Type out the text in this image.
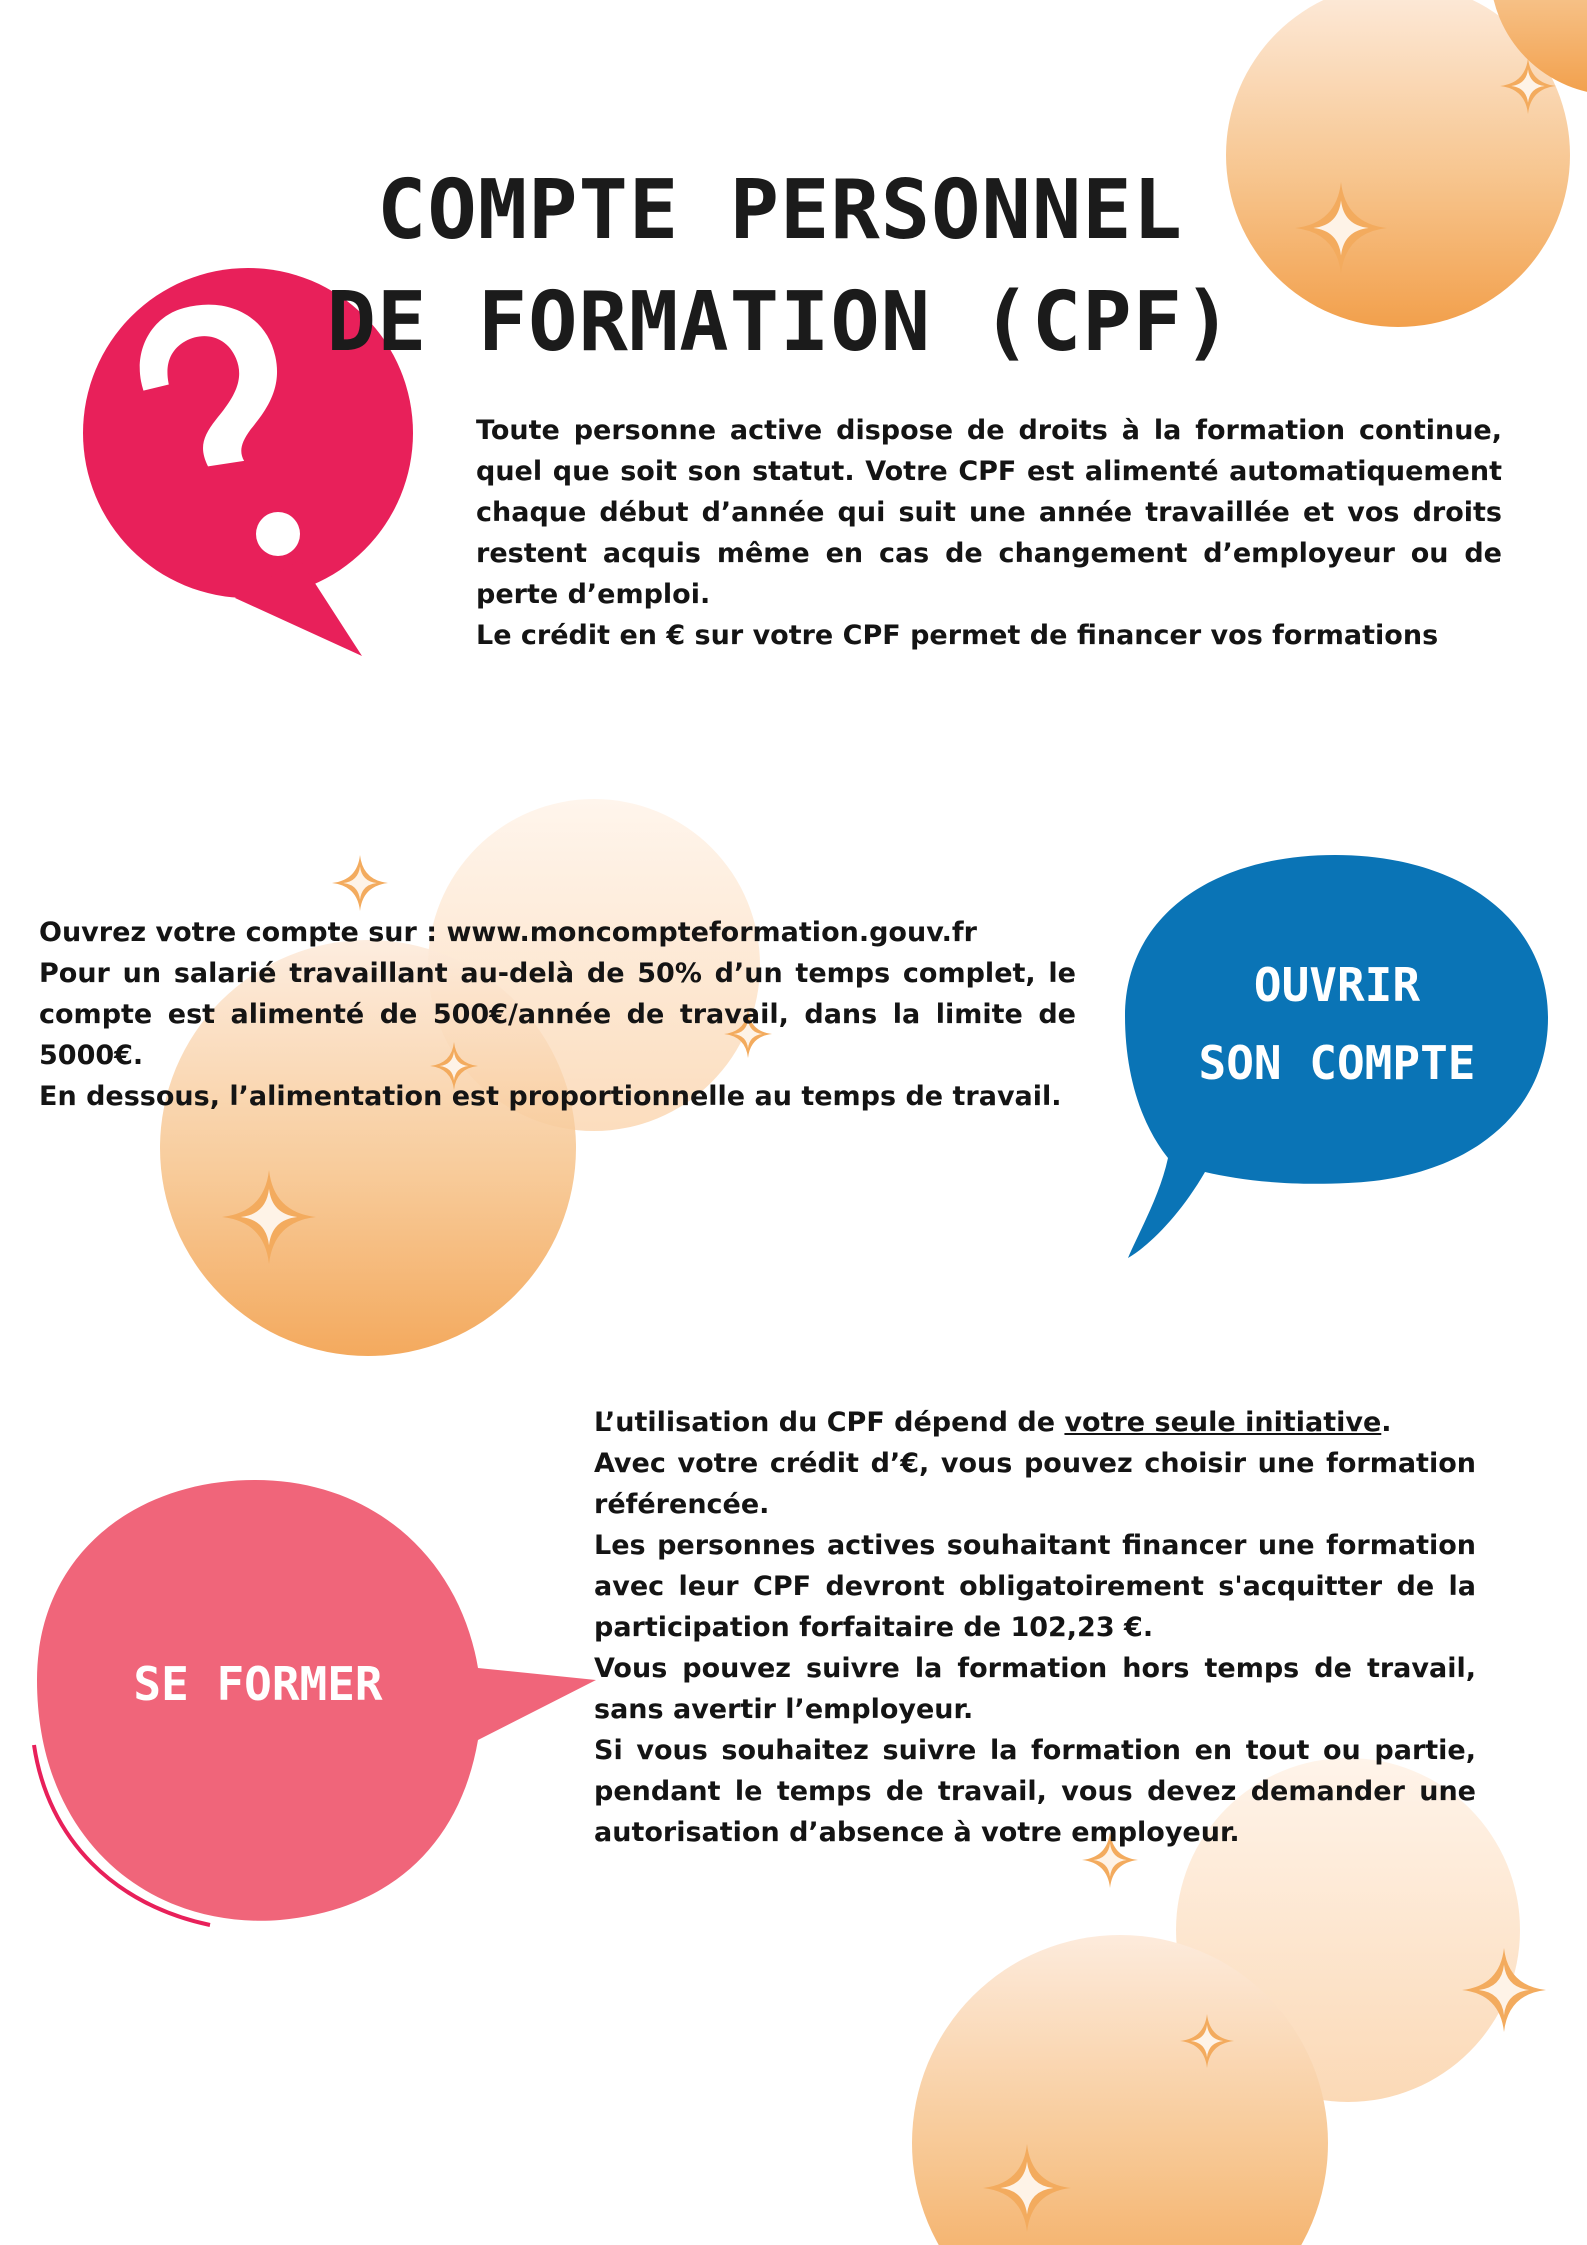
COMPTE PERSONNEL
DE FORMATION (CPF)

Toute personne active dispose de droits à la formation continue, quel que soit son statut. Votre CPF est alimenté automatiquement chaque début d’année qui suit une année travaillée et vos droits restent acquis même en cas de changement d’employeur ou de perte d’emploi.

Le crédit en € sur votre CPF permet de financer vos formations

Ouvrez votre compte sur : www.moncompteformation.gouv.fr

Pour un salarié travaillant au-delà de 50% d’un temps complet, le compte est alimenté de 500€/année de travail, dans la limite de 5000€.

En dessous, l’alimentation est proportionnelle au temps de travail.

OUVRIR
SON COMPTE
SE FORMER

L’utilisation du CPF dépend de votre seule initiative.

Avec votre crédit d’€, vous pouvez choisir une formation référencée.

Les personnes actives souhaitant financer une formation avec leur CPF devront obligatoirement s'acquitter de la participation forfaitaire de 102,23 €.

Vous pouvez suivre la formation hors temps de travail, sans avertir l’employeur.

Si vous souhaitez suivre la formation en tout ou partie, pendant le temps de travail, vous devez demander une autorisation d’absence à votre employeur.
